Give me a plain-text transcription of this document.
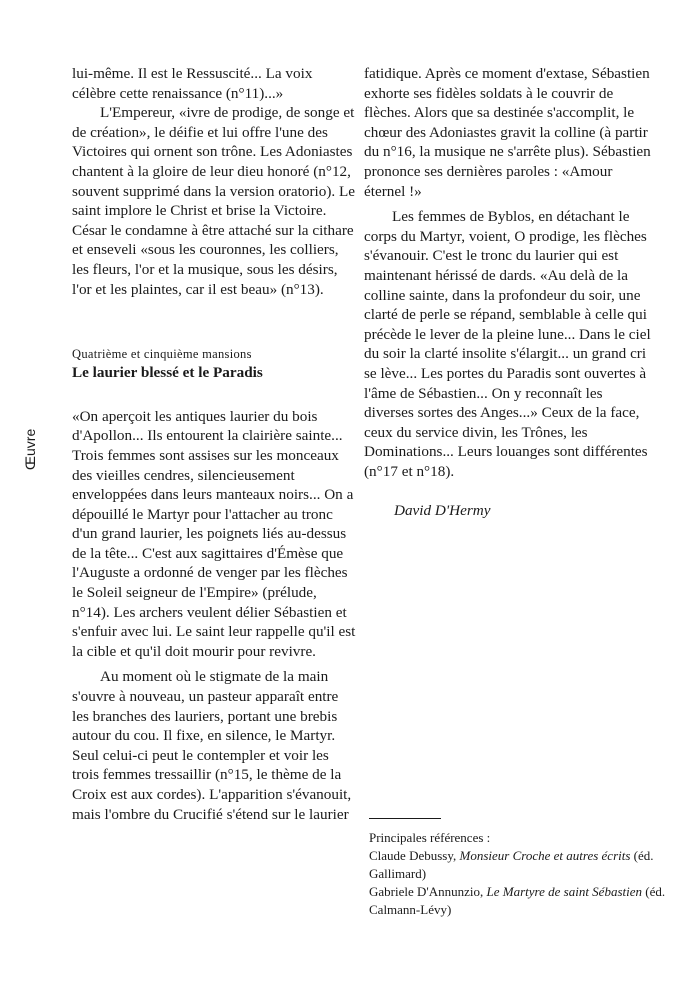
Œuvre

lui-même. Il est le Ressuscité... La voix célèbre cette renaissance (n°11)...»

L'Empereur, «ivre de prodige, de songe et de création», le déifie et lui offre l'une des Victoires qui ornent son trône. Les Adoniastes chantent à la gloire de leur dieu honoré (n°12, souvent supprimé dans la version oratorio). Le saint implore le Christ et brise la Victoire. César le condamne à être attaché sur la cithare et enseveli «sous les couronnes, les colliers, les fleurs, l'or et la musique, sous les désirs, l'or et les plaintes, car il est beau» (n°13).

Quatrième et cinquième mansions
Le laurier blessé et le Paradis

«On aperçoit les antiques laurier du bois d'Apollon... Ils entourent la clairière sainte... Trois femmes sont assises sur les monceaux des vieilles cendres, silencieusement enveloppées dans leurs manteaux noirs... On a dépouillé le Martyr pour l'attacher au tronc d'un grand laurier, les poignets liés au-dessus de la tête... C'est aux sagittaires d'Émèse que l'Auguste a ordonné de venger par les flèches le Soleil seigneur de l'Empire» (prélude, n°14). Les archers veulent délier Sébastien et s'enfuir avec lui. Le saint leur rappelle qu'il est la cible et qu'il doit mourir pour revivre.

Au moment où le stigmate de la main s'ouvre à nouveau, un pasteur apparaît entre les branches des lauriers, portant une brebis autour du cou. Il fixe, en silence, le Martyr. Seul celui-ci peut le contempler et voir les trois femmes tressaillir (n°15, le thème de la Croix est aux cordes). L'apparition s'évanouit, mais l'ombre du Crucifié s'étend sur le laurier

fatidique. Après ce moment d'extase, Sébastien exhorte ses fidèles soldats à le couvrir de flèches. Alors que sa destinée s'accomplit, le chœur des Adoniastes gravit la colline (à partir du n°16, la musique ne s'arrête plus). Sébastien prononce ses dernières paroles : «Amour éternel !»

Les femmes de Byblos, en détachant le corps du Martyr, voient, O prodige, les flèches s'évanouir. C'est le tronc du laurier qui est maintenant hérissé de dards. «Au delà de la colline sainte, dans la profondeur du soir, une clarté de perle se répand, semblable à celle qui précède le lever de la pleine lune... Dans le ciel du soir la clarté insolite s'élargit... un grand cri se lève... Les portes du Paradis sont ouvertes à l'âme de Sébastien... On y reconnaît les diverses sortes des Anges...» Ceux de la face, ceux du service divin, les Trônes, les Dominations... Leurs louanges sont différentes (n°17 et n°18).

David D'Hermy

Principales références :

Claude Debussy, Monsieur Croche et autres écrits (éd. Gallimard)

Gabriele D'Annunzio, Le Martyre de saint Sébastien (éd. Calmann-Lévy)
